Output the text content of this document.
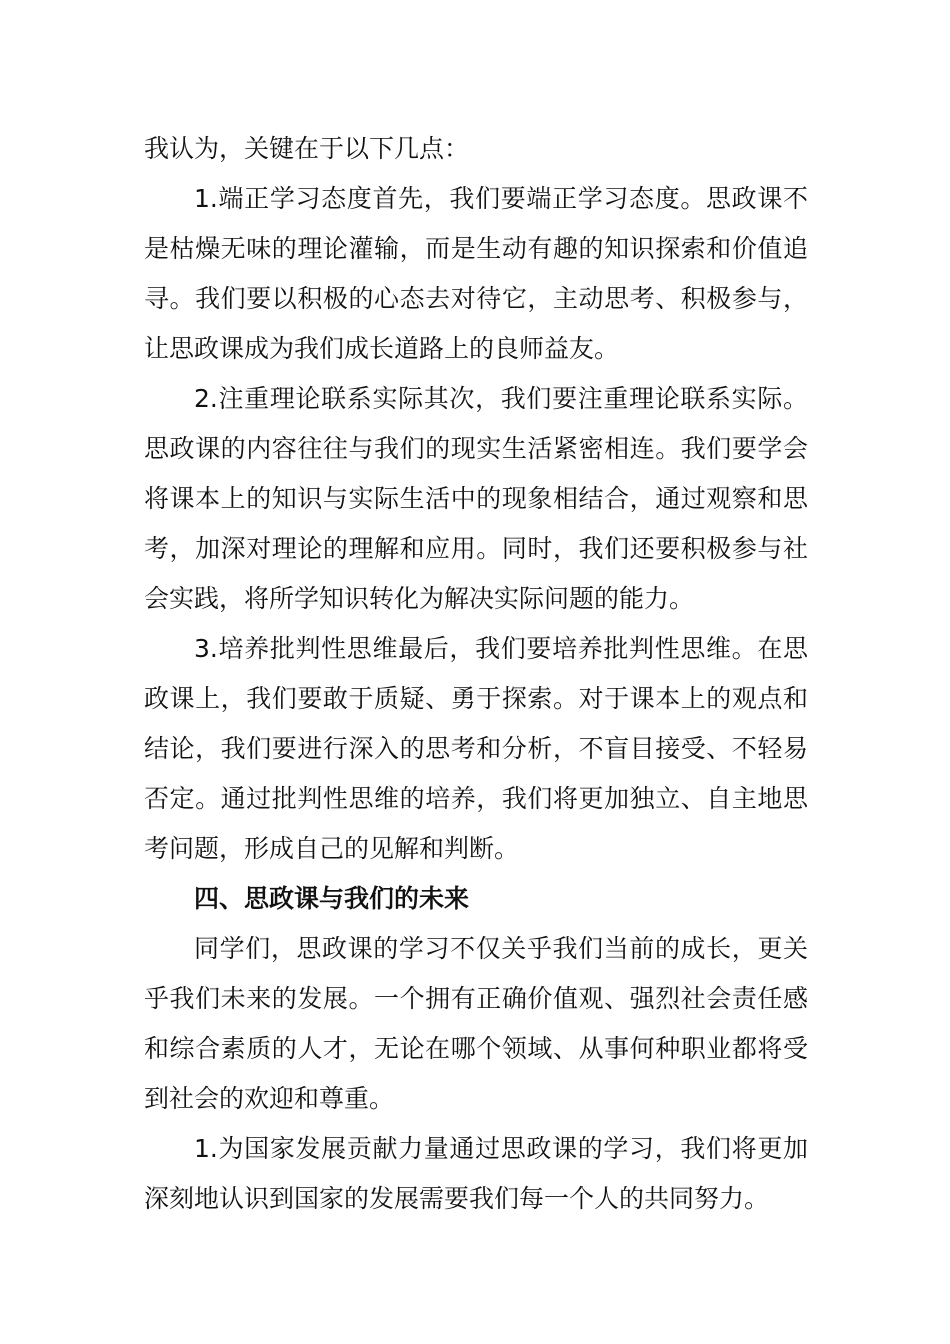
我认为，关键在于以下几点：

1.端正学习态度首先，我们要端正学习态度。思政课不是枯燥无味的理论灌输，而是生动有趣的知识探索和价值追寻。我们要以积极的心态去对待它，主动思考、积极参与，让思政课成为我们成长道路上的良师益友。

2.注重理论联系实际其次，我们要注重理论联系实际。思政课的内容往往与我们的现实生活紧密相连。我们要学会将课本上的知识与实际生活中的现象相结合，通过观察和思考，加深对理论的理解和应用。同时，我们还要积极参与社会实践，将所学知识转化为解决实际问题的能力。

3.培养批判性思维最后，我们要培养批判性思维。在思政课上，我们要敢于质疑、勇于探索。对于课本上的观点和结论，我们要进行深入的思考和分析，不盲目接受、不轻易否定。通过批判性思维的培养，我们将更加独立、自主地思考问题，形成自己的见解和判断。

四、思政课与我们的未来

同学们，思政课的学习不仅关乎我们当前的成长，更关乎我们未来的发展。一个拥有正确价值观、强烈社会责任感和综合素质的人才，无论在哪个领域、从事何种职业都将受到社会的欢迎和尊重。

1.为国家发展贡献力量通过思政课的学习，我们将更加深刻地认识到国家的发展需要我们每一个人的共同努力。
